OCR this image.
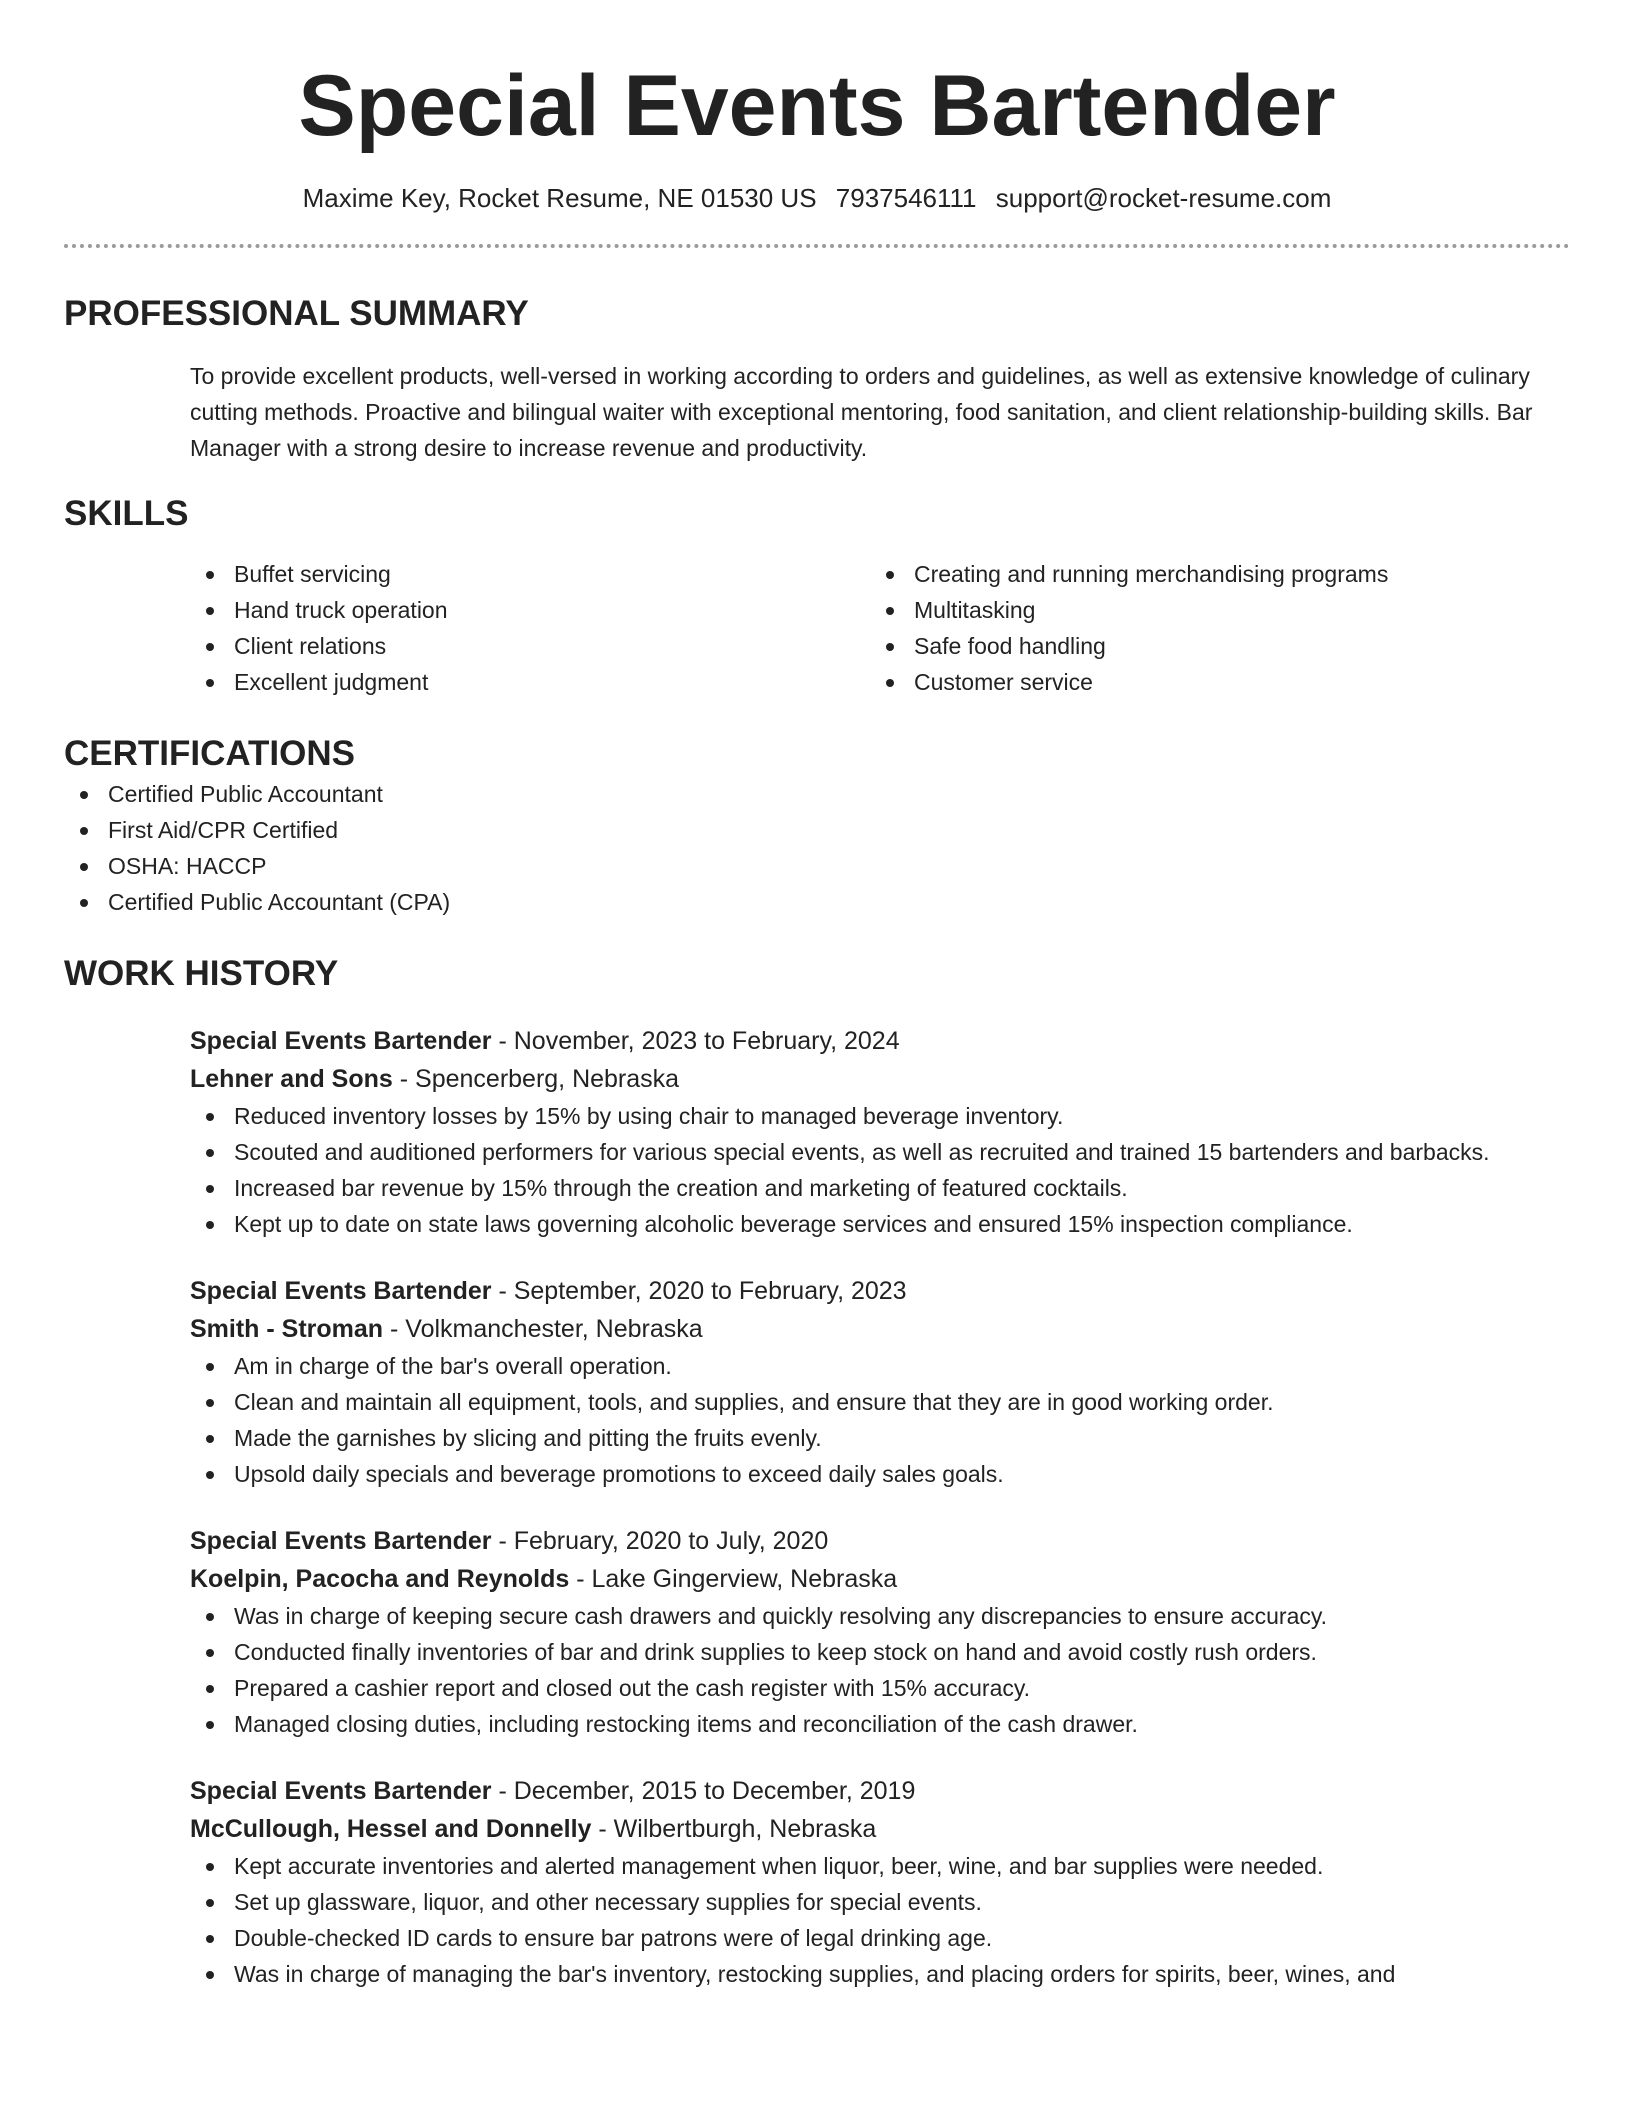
Special Events Bartender
Maxime Key, Rocket Resume, NE 01530 US 7937546111 support@rocket-resume.com
PROFESSIONAL SUMMARY

To provide excellent products, well-versed in working according to orders and guidelines, as well as extensive knowledge of culinary cutting methods. Proactive and bilingual waiter with exceptional mentoring, food sanitation, and client relationship-building skills. Bar Manager with a strong desire to increase revenue and productivity.

SKILLS
Buffet servicing
Hand truck operation
Client relations
Excellent judgment
Creating and running merchandising programs
Multitasking
Safe food handling
Customer service
CERTIFICATIONS
Certified Public Accountant
First Aid/CPR Certified
OSHA: HACCP
Certified Public Accountant (CPA)
WORK HISTORY
Special Events Bartender - November, 2023 to February, 2024
Lehner and Sons - Spencerberg, Nebraska
Reduced inventory losses by 15% by using chair to managed beverage inventory.
Scouted and auditioned performers for various special events, as well as recruited and trained 15 bartenders and barbacks.
Increased bar revenue by 15% through the creation and marketing of featured cocktails.
Kept up to date on state laws governing alcoholic beverage services and ensured 15% inspection compliance.
Special Events Bartender - September, 2020 to February, 2023
Smith - Stroman - Volkmanchester, Nebraska
Am in charge of the bar's overall operation.
Clean and maintain all equipment, tools, and supplies, and ensure that they are in good working order.
Made the garnishes by slicing and pitting the fruits evenly.
Upsold daily specials and beverage promotions to exceed daily sales goals.
Special Events Bartender - February, 2020 to July, 2020
Koelpin, Pacocha and Reynolds - Lake Gingerview, Nebraska
Was in charge of keeping secure cash drawers and quickly resolving any discrepancies to ensure accuracy.
Conducted finally inventories of bar and drink supplies to keep stock on hand and avoid costly rush orders.
Prepared a cashier report and closed out the cash register with 15% accuracy.
Managed closing duties, including restocking items and reconciliation of the cash drawer.
Special Events Bartender - December, 2015 to December, 2019
McCullough, Hessel and Donnelly - Wilbertburgh, Nebraska
Kept accurate inventories and alerted management when liquor, beer, wine, and bar supplies were needed.
Set up glassware, liquor, and other necessary supplies for special events.
Double-checked ID cards to ensure bar patrons were of legal drinking age.
Was in charge of managing the bar's inventory, restocking supplies, and placing orders for spirits, beer, wines, and
